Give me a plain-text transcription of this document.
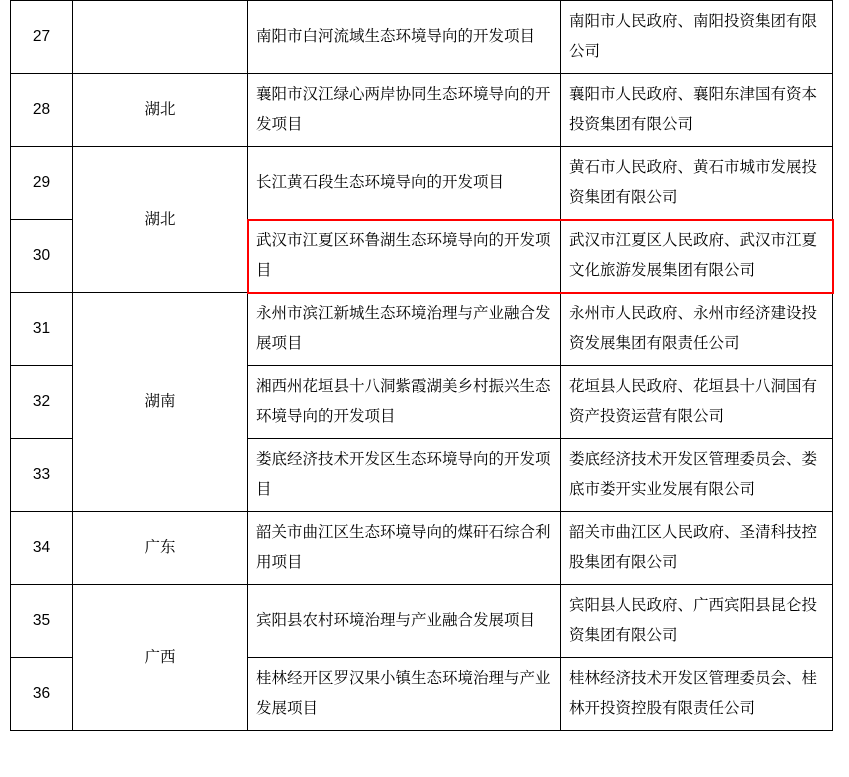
27		南阳市白河流域生态环境导向的开发项目	南阳市人民政府、南阳投资集团有限公司
28	湖北	襄阳市汉江绿心两岸协同生态环境导向的开发项目	襄阳市人民政府、襄阳东津国有资本投资集团有限公司
29	湖北	长江黄石段生态环境导向的开发项目	黄石市人民政府、黄石市城市发展投资集团有限公司
30		武汉市江夏区环鲁湖生态环境导向的开发项目	武汉市江夏区人民政府、武汉市江夏文化旅游发展集团有限公司
31	湖南	永州市滨江新城生态环境治理与产业融合发展项目	永州市人民政府、永州市经济建设投资发展集团有限责任公司
32		湘西州花垣县十八洞紫霞湖美乡村振兴生态环境导向的开发项目	花垣县人民政府、花垣县十八洞国有资产投资运营有限公司
33		娄底经济技术开发区生态环境导向的开发项目	娄底经济技术开发区管理委员会、娄底市娄开实业发展有限公司
34	广东	韶关市曲江区生态环境导向的煤矸石综合利用项目	韶关市曲江区人民政府、圣清科技控股集团有限公司
35	广西	宾阳县农村环境治理与产业融合发展项目	宾阳县人民政府、广西宾阳县昆仑投资集团有限公司
36		桂林经开区罗汉果小镇生态环境治理与产业发展项目	桂林经济技术开发区管理委员会、桂林开投资控股有限责任公司
